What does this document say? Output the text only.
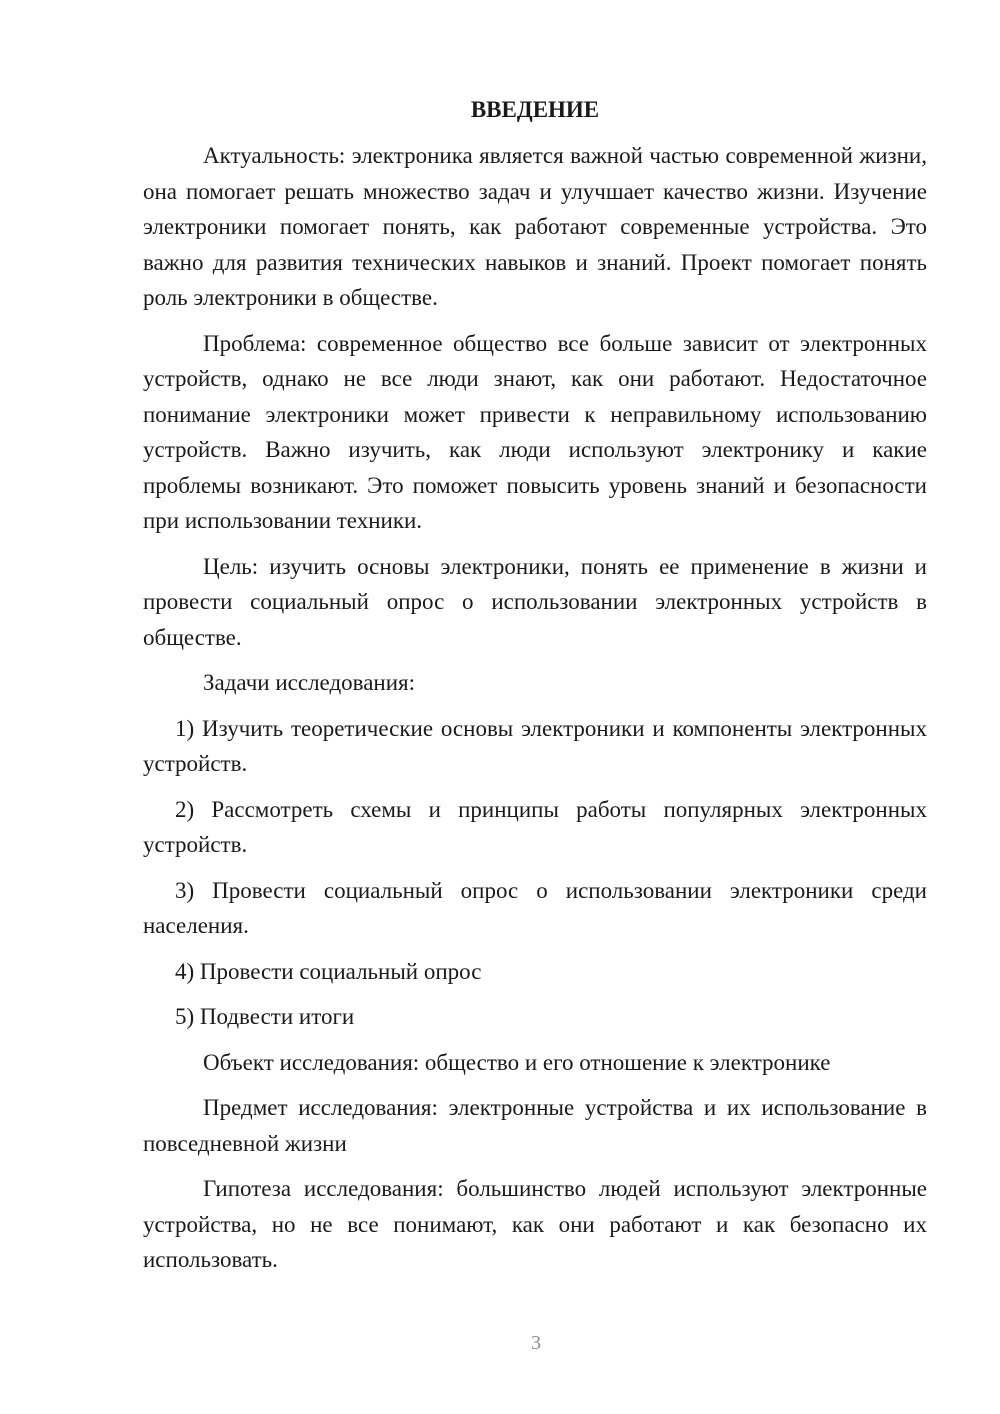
ВВЕДЕНИЕ

Актуальность: электроника является важной частью современной жизни, она помогает решать множество задач и улучшает качество жизни. Изучение электроники помогает понять, как работают современные устройства. Это важно для развития технических навыков и знаний. Проект помогает понять роль электроники в обществе.

Проблема: современное общество все больше зависит от электронных устройств, однако не все люди знают, как они работают. Недостаточное понимание электроники может привести к неправильному использованию устройств. Важно изучить, как люди используют электронику и какие проблемы возникают. Это поможет повысить уровень знаний и безопасности при использовании техники.

Цель: изучить основы электроники, понять ее применение в жизни и провести социальный опрос о использовании электронных устройств в обществе.

Задачи исследования:

1) Изучить теоретические основы электроники и компоненты электронных устройств.

2) Рассмотреть схемы и принципы работы популярных электронных устройств.

3) Провести социальный опрос о использовании электроники среди населения.

4) Провести социальный опрос

5) Подвести итоги

Объект исследования: общество и его отношение к электронике

Предмет исследования: электронные устройства и их использование в повседневной жизни

Гипотеза исследования: большинство людей используют электронные устройства, но не все понимают, как они работают и как безопасно их использовать.

3
